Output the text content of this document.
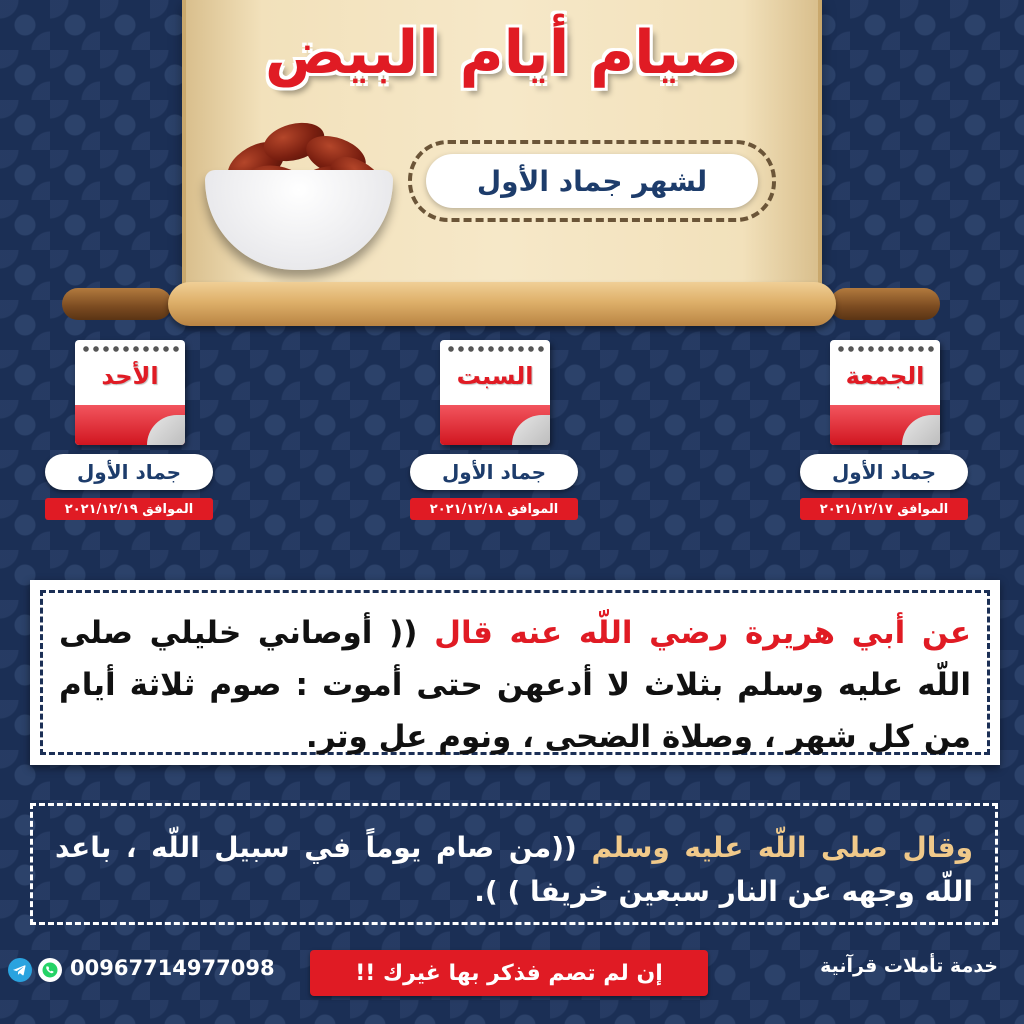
صيام أيام البيض
لشهر جماد الأول
الجمعة
جماد الأول
الموافق ٢٠٢١/١٢/١٧
السبت
جماد الأول
الموافق ٢٠٢١/١٢/١٨
الأحد
جماد الأول
الموافق ٢٠٢١/١٢/١٩
عن أبي هريرة رضي اللّه عنه قال (( أوصاني خليلي صلى اللّه عليه وسلم بثلاث لا أدعهن حتى أموت : صوم ثلاثة أيام من كل شهر ، وصلاة الضحى ، ونوم عل وتر.
وقال صلى اللّه عليه وسلم ((من صام يوماً في سبيل اللّه ، باعد اللّه وجهه عن النار سبعين خريفا ) ).
خدمة تأملات قرآنية
إن لم تصم فذكر بها غيرك !!
00967714977098
